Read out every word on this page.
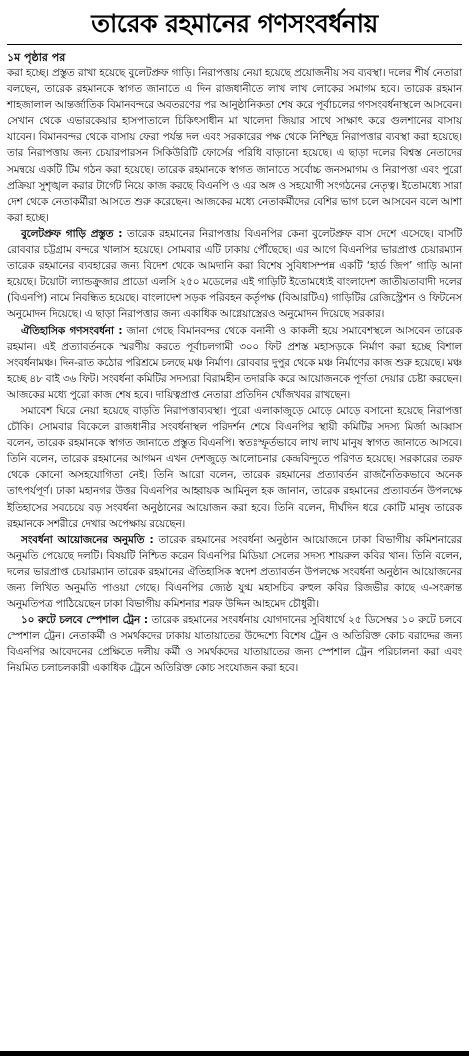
তারেক রহমানের গণসংবর্ধনায়

১ম পৃষ্ঠার পর

করা হচ্ছে। প্রস্তুত রাখা হয়েছে বুলেটপ্রুফ গাড়ি। নিরাপত্তায় নেয়া হয়েছে প্রয়োজনীয় সব ব্যবস্থা। দলের শীর্ষ নেতারা বলছেন, তারেক রহমানকে স্বাগত জানাতে এ দিন রাজধানীতে লাখ লাখ লোকের সমাগম হবে। তারেক রহমান শাহজালাল আন্তর্জাতিক বিমানবন্দরে অবতরণের পর আনুষ্ঠানিকতা শেষ করে পূর্বাচলের গণসংবর্ধনাস্থলে আসবেন। সেখান থেকে এভারকেয়ার হাসপাতালে চিকিৎসাধীন মা খালেদা জিয়ার সাথে সাক্ষাৎ করে গুলশানের বাসায় যাবেন। বিমানবন্দর থেকে বাসায় ফেরা পর্যন্ত দল এবং সরকারের পক্ষ থেকে নিশ্ছিদ্র নিরাপত্তার ব্যবস্থা করা হয়েছে। তার নিরাপত্তায় জন্য চেয়ারপারসন সিকিউরিটি ফোর্সের পরিধি বাড়ানো হয়েছে। এ ছাড়া দলের বিশ্বস্ত নেতাদের সমন্বয়ে একটি টিম গঠন করা হয়েছে। তারেক রহমানকে স্বাগত জানাতে সর্বোচ্চ জনসমাগম ও নিরাপত্তা এবং পুরো প্রক্রিয়া সুশৃঙ্খল করার টার্গেট নিয়ে কাজ করছে বিএনপি ও এর অঙ্গ ও সহযোগী সংগঠনের নেতৃত্ব। ইতোমধ্যে সারা দেশ থেকে নেতাকর্মীরা আসতে শুরু করেছেন। আজকের মধ্যে নেতাকর্মীদের বেশির ভাগ চলে আসবেন বলে আশা করা হচ্ছে।

বুলেটপ্রুফ গাড়ি প্রস্তুত : তারেক রহমানের নিরাপত্তায় বিএনপির কেনা বুলেটপ্রুফ বাস দেশে এসেছে। বাসটি রোববার চট্টগ্রাম বন্দরে খালাস হয়েছে। সোমবার এটি ঢাকায় পৌঁছেছে। এর আগে বিএনপির ভারপ্রাপ্ত চেয়ারম্যান তারেক রহমানের ব্যবহারের জন্য বিদেশ থেকে আমদানি করা বিশেষ সুবিধাসম্পন্ন একটি ‘হার্ড জিপ’ গাড়ি আনা হয়েছে। টয়োটা ল্যান্ডক্রুজার প্রাডো এলসি ২৫০ মডেলের এই গাড়িটি ইতোমধ্যেই বাংলাদেশ জাতীয়তাবাদী দলের (বিএনপি) নামে নিবন্ধিত হয়েছে। বাংলাদেশ সড়ক পরিবহন কর্তৃপক্ষ (বিআরটিএ) গাড়িটির রেজিস্ট্রেশন ও ফিটনেস অনুমোদন দিয়েছে। এ ছাড়া নিরাপত্তার জন্য একাধিক আগ্নেয়াস্ত্রেরও অনুমোদন দিয়েছে সরকার।

ঐতিহাসিক গণসংবর্ধনা : জানা গেছে বিমানবন্দর থেকে বনানী ও কাকলী হয়ে সমাবেশস্থলে আসবেন তারেক রহমান। এই প্রত্যাবর্তনকে স্মরণীয় করতে পূর্বাচলগামী ৩০০ ফিট প্রশস্ত মহাসড়কে নির্মাণ করা হচ্ছে বিশাল সংবর্ধনামঞ্চ। দিন-রাত কঠোর পরিশ্রমে চলছে মঞ্চ নির্মাণ। রোববার দুপুর থেকে মঞ্চ নির্মাণের কাজ শুরু হয়েছে। মঞ্চ হচ্ছে ৪৮ বাই ৩৬ ফিট। সংবর্ধনা কমিটির সদস্যরা বিরামহীন তদারকি করে আয়োজনকে পূর্ণতা দেয়ার চেষ্টা করছেন। আজকের মধ্যে পুরো কাজ শেষ হবে। দায়িত্বপ্রাপ্ত নেতারা প্রতিদিন খোঁজখবর রাখছেন।

সমাবেশ ঘিরে নেয়া হয়েছে বাড়তি নিরাপত্তাব্যবস্থা। পুরো এলাকাজুড়ে মোড়ে মোড়ে বসানো হয়েছে নিরাপত্তা চৌকি। সোমবার বিকেলে রাজধানীর সংবর্ধনাস্থল পরিদর্শন শেষে বিএনপির স্থায়ী কমিটির সদস্য মির্জা আব্বাস বলেন, তারেক রহমানকে স্বাগত জানাতে প্রস্তুত বিএনপি। স্বতঃস্ফূর্তভাবে লাখ লাখ মানুষ স্বাগত জানাতে আসবে। তিনি বলেন, তারেক রহমানের আগমন এখন দেশজুড়ে আলোচনার কেন্দ্রবিন্দুতে পরিণত হয়েছে। সরকারের তরফ থেকে কোনো অসহযোগিতা নেই। তিনি আরো বলেন, তারেক রহমানের প্রত্যাবর্তন রাজনৈতিকভাবে অনেক তাৎপর্যপূর্ণ। ঢাকা মহানগর উত্তর বিএনপির আহ্বায়ক আমিনুল হক জানান, তারেক রহমানের প্রত্যাবর্তন উপলক্ষে ইতিহাসের সবচেয়ে বড় সংবর্ধনা অনুষ্ঠানের আয়োজন করা হবে। তিনি বলেন, দীর্ঘদিন ধরে কোটি মানুষ তারেক রহমানকে সশরীরে দেখার অপেক্ষায় রয়েছেন।

সংবর্ধনা আয়োজনের অনুমতি : তারেক রহমানের সংবর্ধনা অনুষ্ঠান আয়োজনে ঢাকা বিভাগীয় কমিশনারের অনুমতি পেয়েছে দলটি। বিষয়টি নিশ্চিত করেন বিএনপির মিডিয়া সেলের সদস্য শায়রুল কবির খান। তিনি বলেন, দলের ভারপ্রাপ্ত চেয়ারম্যান তারেক রহমানের ঐতিহাসিক স্বদেশ প্রত্যাবর্তন উপলক্ষে সংবর্ধনা অনুষ্ঠান আয়োজনের জন্য লিখিত অনুমতি পাওয়া গেছে। বিএনপির জ্যেষ্ঠ যুগ্ম মহাসচিব রুহুল কবির রিজভীর কাছে এ-সংক্রান্ত অনুমতিপত্র পাঠিয়েছেন ঢাকা বিভাগীয় কমিশনার শরফ উদ্দিন আহমেদ চৌধুরী।

১০ রুটে চলবে স্পেশাল ট্রেন : তারেক রহমানের সংবর্ধনায় যোগদানের সুবিধার্থে ২৫ ডিসেম্বর ১০ রুটে চলবে স্পেশাল ট্রেন। নেতাকর্মী ও সমর্থকদের ঢাকায় যাতায়াতের উদ্দেশ্যে বিশেষ ট্রেন ও অতিরিক্ত কোচ বরাদ্দের জন্য বিএনপির আবেদনের প্রেক্ষিতে দলীয় কর্মী ও সমর্থকদের যাতায়াতের জন্য স্পেশাল ট্রেন পরিচালনা করা এবং নিয়মিত চলাচলকারী একাধিক ট্রেনে অতিরিক্ত কোচ সংযোজন করা হবে।
